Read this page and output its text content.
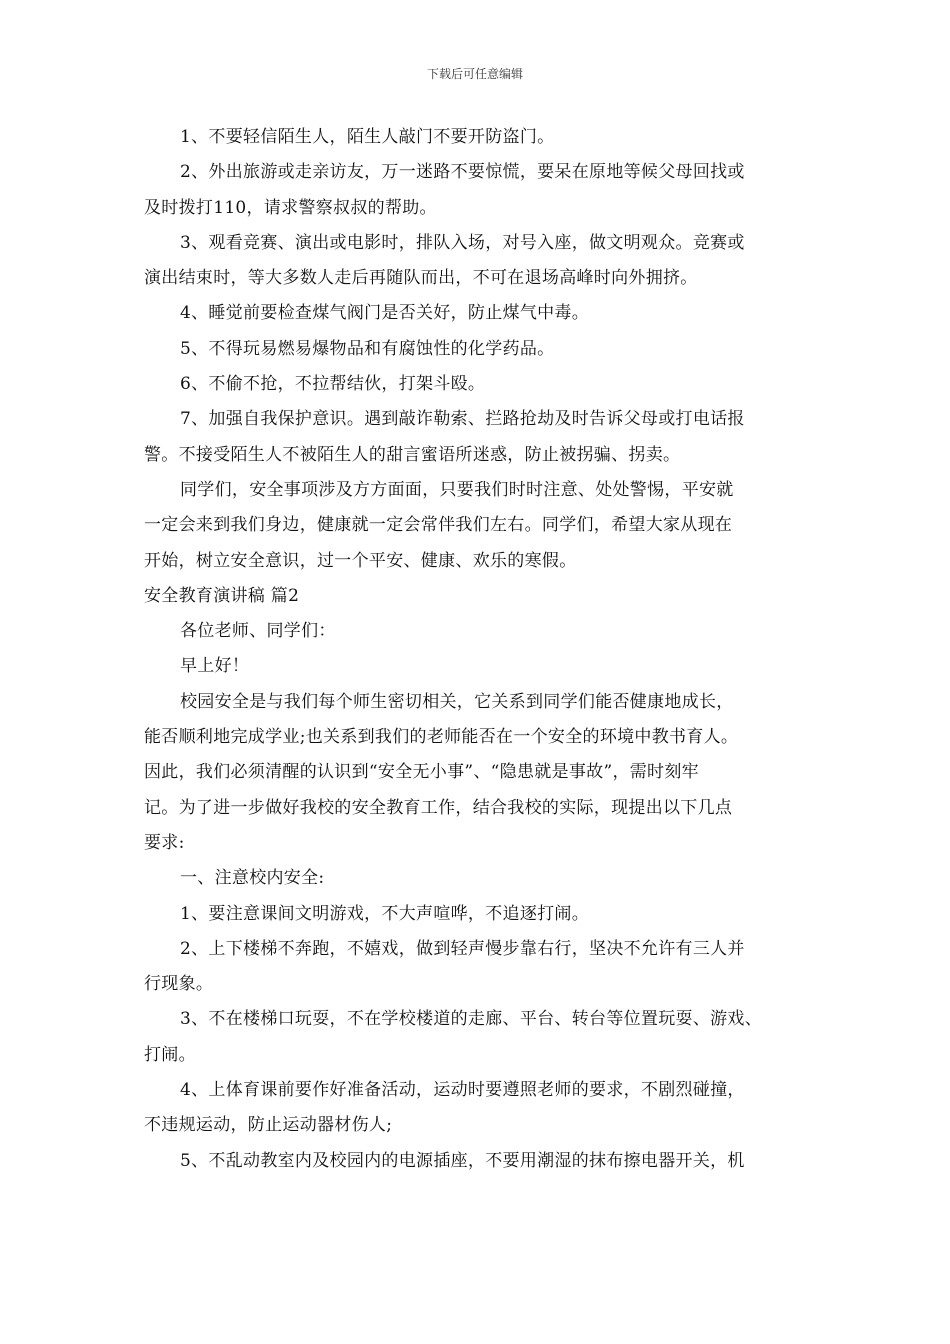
下载后可任意编辑
1、不要轻信陌生人，陌生人敲门不要开防盗门。
2、外出旅游或走亲访友，万一迷路不要惊慌，要呆在原地等候父母回找或
及时拨打110，请求警察叔叔的帮助。
3、观看竞赛、演出或电影时，排队入场，对号入座，做文明观众。竞赛或
演出结束时，等大多数人走后再随队而出，不可在退场高峰时向外拥挤。
4、睡觉前要检查煤气阀门是否关好，防止煤气中毒。
5、不得玩易燃易爆物品和有腐蚀性的化学药品。
6、不偷不抢，不拉帮结伙，打架斗殴。
7、加强自我保护意识。遇到敲诈勒索、拦路抢劫及时告诉父母或打电话报
警。不接受陌生人不被陌生人的甜言蜜语所迷惑，防止被拐骗、拐卖。
同学们，安全事项涉及方方面面，只要我们时时注意、处处警惕，平安就
一定会来到我们身边，健康就一定会常伴我们左右。同学们，希望大家从现在
开始，树立安全意识，过一个平安、健康、欢乐的寒假。
安全教育演讲稿 篇2
各位老师、同学们：
早上好！
校园安全是与我们每个师生密切相关，它关系到同学们能否健康地成长，
能否顺利地完成学业;也关系到我们的老师能否在一个安全的环境中教书育人。
因此，我们必须清醒的认识到“安全无小事”、“隐患就是事故”，需时刻牢
记。为了进一步做好我校的安全教育工作，结合我校的实际，现提出以下几点
要求:
一、注意校内安全:
1、要注意课间文明游戏，不大声喧哗，不追逐打闹。
2、上下楼梯不奔跑，不嬉戏，做到轻声慢步靠右行，坚决不允许有三人并
行现象。
3、不在楼梯口玩耍，不在学校楼道的走廊、平台、转台等位置玩耍、游戏、
打闹。
4、上体育课前要作好准备活动，运动时要遵照老师的要求，不剧烈碰撞，
不违规运动，防止运动器材伤人;
5、不乱动教室内及校园内的电源插座，不要用潮湿的抹布擦电器开关，机
